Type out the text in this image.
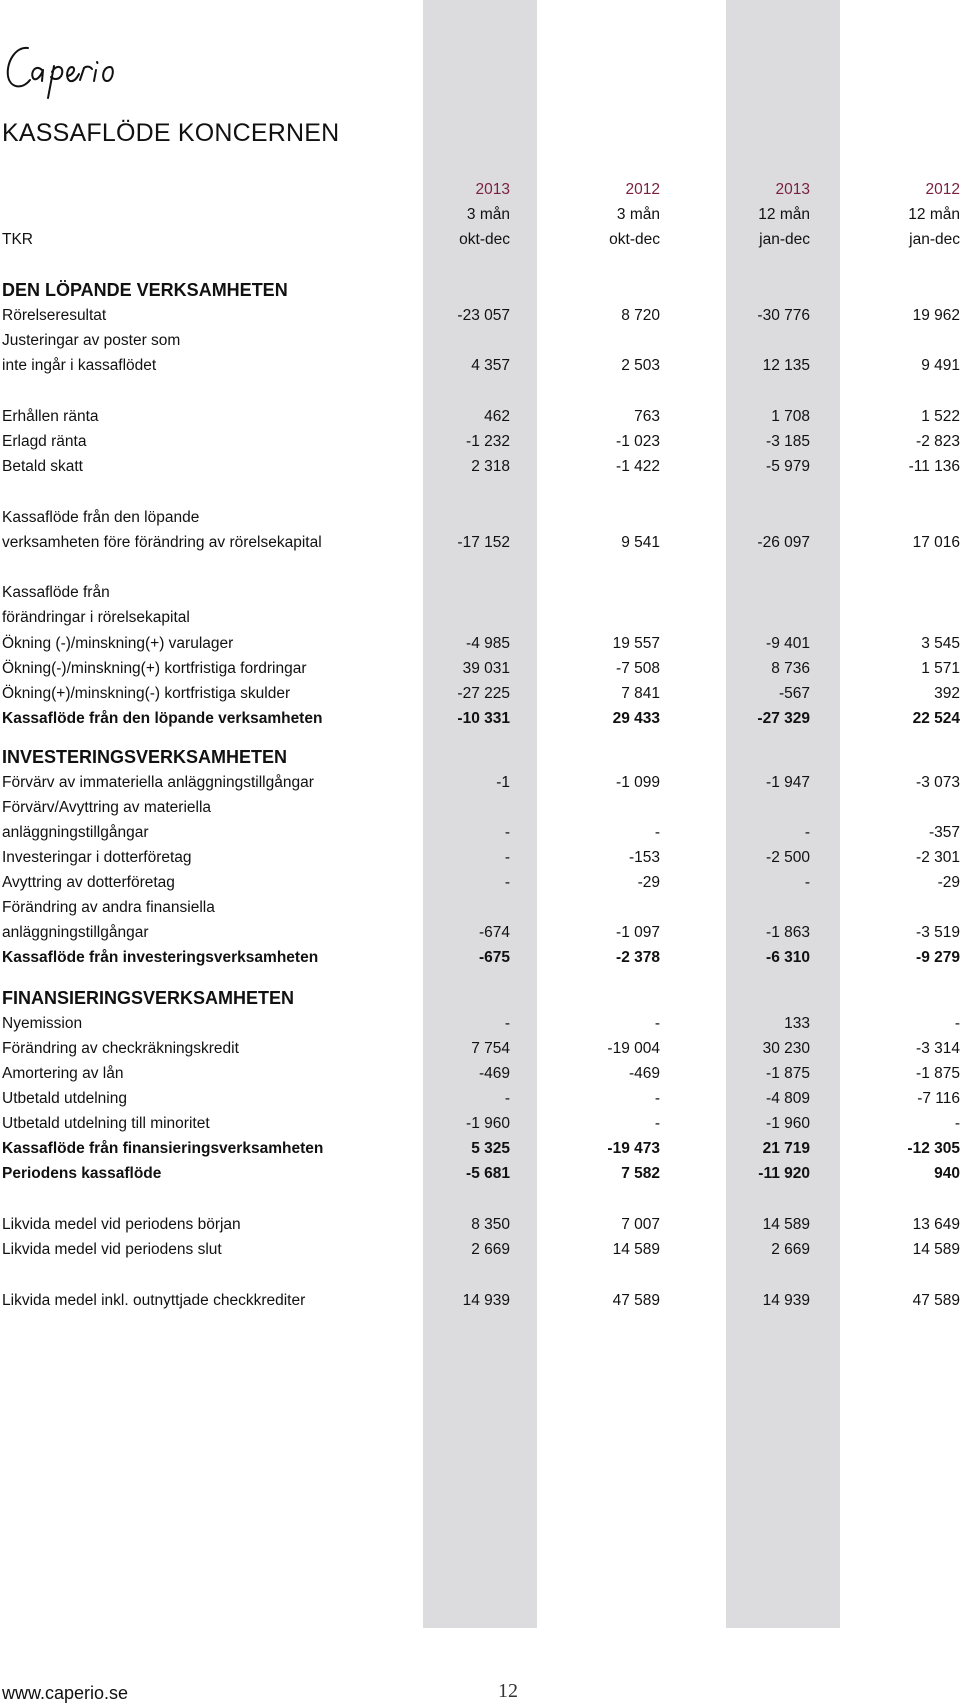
KASSAFLÖDE KONCERNEN
2013	2012	2013	2012
3 mån	3 mån	12 mån	12 mån
TKR	okt-dec	okt-dec	jan-dec	jan-dec
DEN LÖPANDE VERKSAMHETEN
Rörelseresultat	-23 057	8 720	-30 776	19 962
Justeringar av poster som
inte ingår i kassaflödet	4 357	2 503	12 135	9 491
Erhållen ränta	462	763	1 708	1 522
Erlagd ränta	-1 232	-1 023	-3 185	-2 823
Betald skatt	2 318	-1 422	-5 979	-11 136
Kassaflöde från den löpande
verksamheten före förändring av rörelsekapital	-17 152	9 541	-26 097	17 016
Kassaflöde från
förändringar i rörelsekapital
Ökning (-)/minskning(+) varulager	-4 985	19 557	-9 401	3 545
Ökning(-)/minskning(+) kortfristiga fordringar	39 031	-7 508	8 736	1 571
Ökning(+)/minskning(-) kortfristiga skulder	-27 225	7 841	-567	392
Kassaflöde från den löpande verksamheten	-10 331	29 433	-27 329	22 524
INVESTERINGSVERKSAMHETEN
Förvärv av immateriella anläggningstillgångar	-1	-1 099	-1 947	-3 073
Förvärv/Avyttring av materiella
anläggningstillgångar	-	-	-	-357
Investeringar i dotterföretag	-	-153	-2 500	-2 301
Avyttring av dotterföretag	-	-29	-	-29
Förändring av andra finansiella
anläggningstillgångar	-674	-1 097	-1 863	-3 519
Kassaflöde från investeringsverksamheten	-675	-2 378	-6 310	-9 279
FINANSIERINGSVERKSAMHETEN
Nyemission	-	-	133	-
Förändring av checkräkningskredit	7 754	-19 004	30 230	-3 314
Amortering av lån	-469	-469	-1 875	-1 875
Utbetald utdelning	-	-	-4 809	-7 116
Utbetald utdelning till minoritet	-1 960	-	-1 960	-
Kassaflöde från finansieringsverksamheten	5 325	-19 473	21 719	-12 305
Periodens kassaflöde	-5 681	7 582	-11 920	940
Likvida medel vid periodens början	8 350	7 007	14 589	13 649
Likvida medel vid periodens slut	2 669	14 589	2 669	14 589
Likvida medel inkl. outnyttjade checkkrediter	14 939	47 589	14 939	47 589
www.caperio.se	12
